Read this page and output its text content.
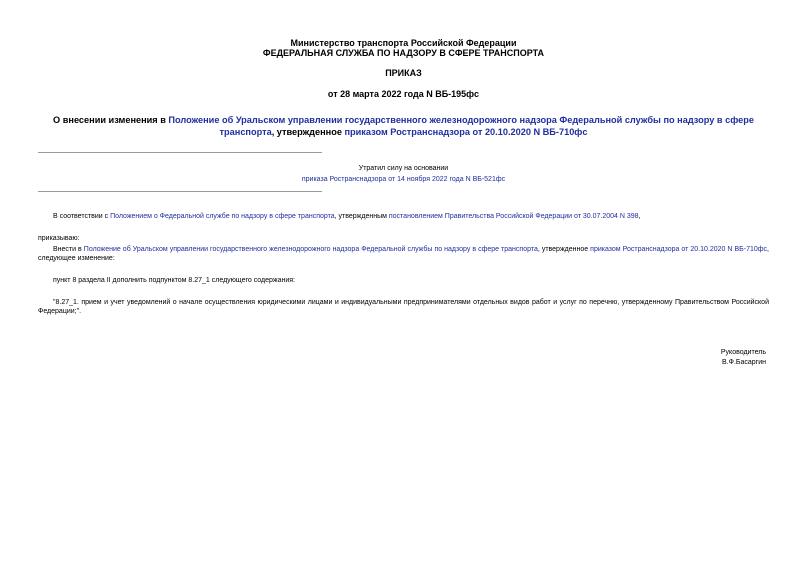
Министерство транспорта Российской Федерации
ФЕДЕРАЛЬНАЯ СЛУЖБА ПО НАДЗОРУ В СФЕРЕ ТРАНСПОРТА
ПРИКАЗ
от 28 марта 2022 года N ВБ-195фс
О внесении изменения в Положение об Уральском управлении государственного железнодорожного надзора Федеральной службы по надзору в сфере транспорта, утвержденное приказом Ространснадзора от 20.10.2020 N ВБ-710фс
Утратил силу на основании
приказа Ространснадзора от 14 ноября 2022 года N ВБ-521фс
В соответствии с Положением о Федеральной службе по надзору в сфере транспорта, утвержденным постановлением Правительства Российской Федерации от 30.07.2004 N 398,
приказываю:
Внести в Положение об Уральском управлении государственного железнодорожного надзора Федеральной службы по надзору в сфере транспорта, утвержденное приказом Ространснадзора от 20.10.2020 N ВБ-710фс, следующее изменение:
пункт 8 раздела II дополнить подпунктом 8.27_1 следующего содержания:
"8.27_1. прием и учет уведомлений о начале осуществления юридическими лицами и индивидуальными предпринимателями отдельных видов работ и услуг по перечню, утвержденному Правительством Российской Федерации;".
Руководитель
В.Ф.Басаргин
